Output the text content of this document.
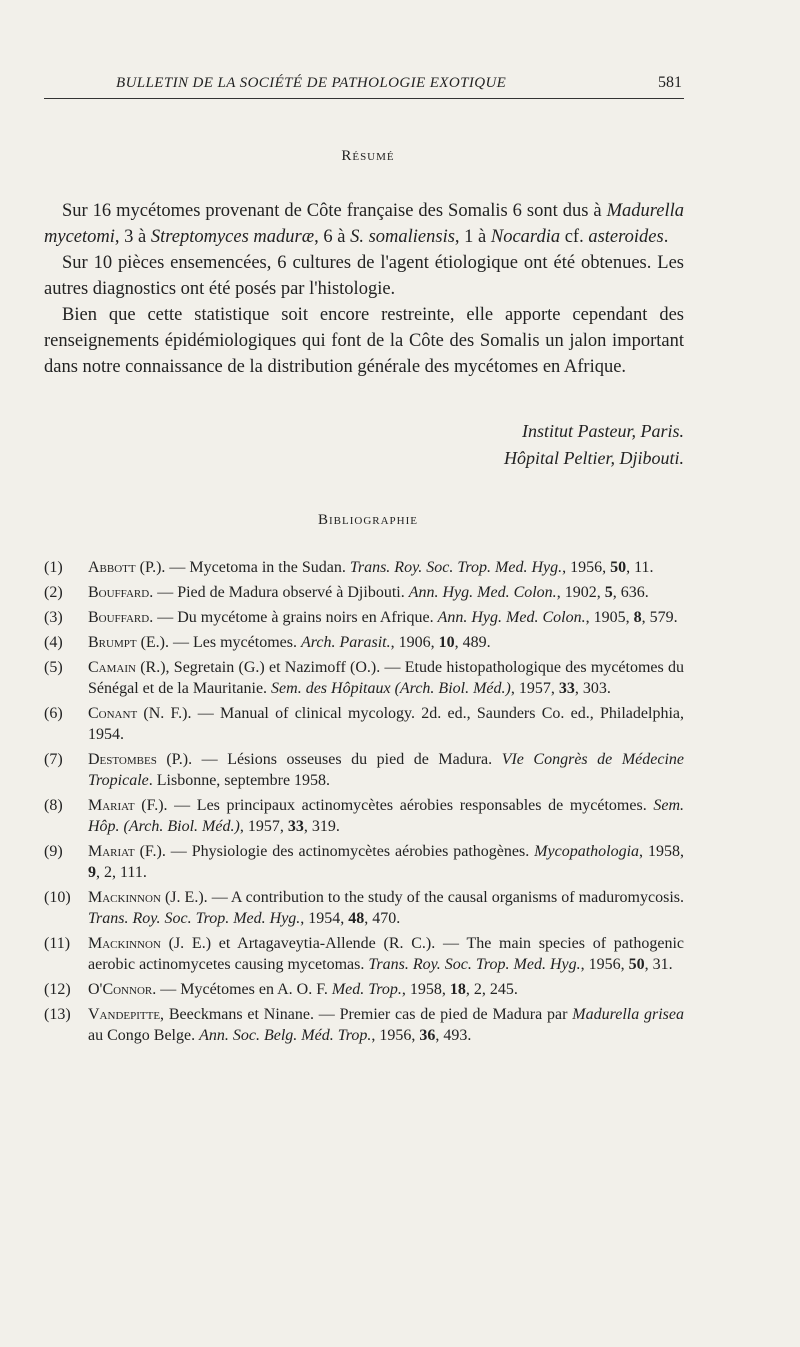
BULLETIN DE LA SOCIÉTÉ DE PATHOLOGIE EXOTIQUE	581
Résumé

Sur 16 mycétomes provenant de Côte française des Somalis 6 sont dus à Madurella mycetomi, 3 à Streptomyces maduræ, 6 à S. somaliensis, 1 à Nocardia cf. asteroides.

Sur 10 pièces ensemencées, 6 cultures de l'agent étiologique ont été obtenues. Les autres diagnostics ont été posés par l'histologie.

Bien que cette statistique soit encore restreinte, elle apporte cependant des renseignements épidémiologiques qui font de la Côte des Somalis un jalon important dans notre connaissance de la distribution générale des mycétomes en Afrique.

Institut Pasteur, Paris.
Hôpital Peltier, Djibouti.
Bibliographie
(1)	Abbott (P.). — Mycetoma in the Sudan. Trans. Roy. Soc. Trop. Med. Hyg., 1956, 50, 11.
(2)	Bouffard. — Pied de Madura observé à Djibouti. Ann. Hyg. Med. Colon., 1902, 5, 636.
(3)	Bouffard. — Du mycétome à grains noirs en Afrique. Ann. Hyg. Med. Colon., 1905, 8, 579.
(4)	Brumpt (E.). — Les mycétomes. Arch. Parasit., 1906, 10, 489.
(5)	Camain (R.), Segretain (G.) et Nazimoff (O.). — Etude histopathologique des mycétomes du Sénégal et de la Mauritanie. Sem. des Hôpitaux (Arch. Biol. Méd.), 1957, 33, 303.
(6)	Conant (N. F.). — Manual of clinical mycology. 2d. ed., Saunders Co. ed., Philadelphia, 1954.
(7)	Destombes (P.). — Lésions osseuses du pied de Madura. VIe Congrès de Médecine Tropicale. Lisbonne, septembre 1958.
(8)	Mariat (F.). — Les principaux actinomycètes aérobies responsables de mycétomes. Sem. Hôp. (Arch. Biol. Méd.), 1957, 33, 319.
(9)	Mariat (F.). — Physiologie des actinomycètes aérobies pathogènes. Mycopathologia, 1958, 9, 2, 111.
(10)	Mackinnon (J. E.). — A contribution to the study of the causal organisms of maduromycosis. Trans. Roy. Soc. Trop. Med. Hyg., 1954, 48, 470.
(11)	Mackinnon (J. E.) et Artagaveytia-Allende (R. C.). — The main species of pathogenic aerobic actinomycetes causing mycetomas. Trans. Roy. Soc. Trop. Med. Hyg., 1956, 50, 31.
(12)	O'Connor. — Mycétomes en A. O. F. Med. Trop., 1958, 18, 2, 245.
(13)	Vandepitte, Beeckmans et Ninane. — Premier cas de pied de Madura par Madurella grisea au Congo Belge. Ann. Soc. Belg. Méd. Trop., 1956, 36, 493.
